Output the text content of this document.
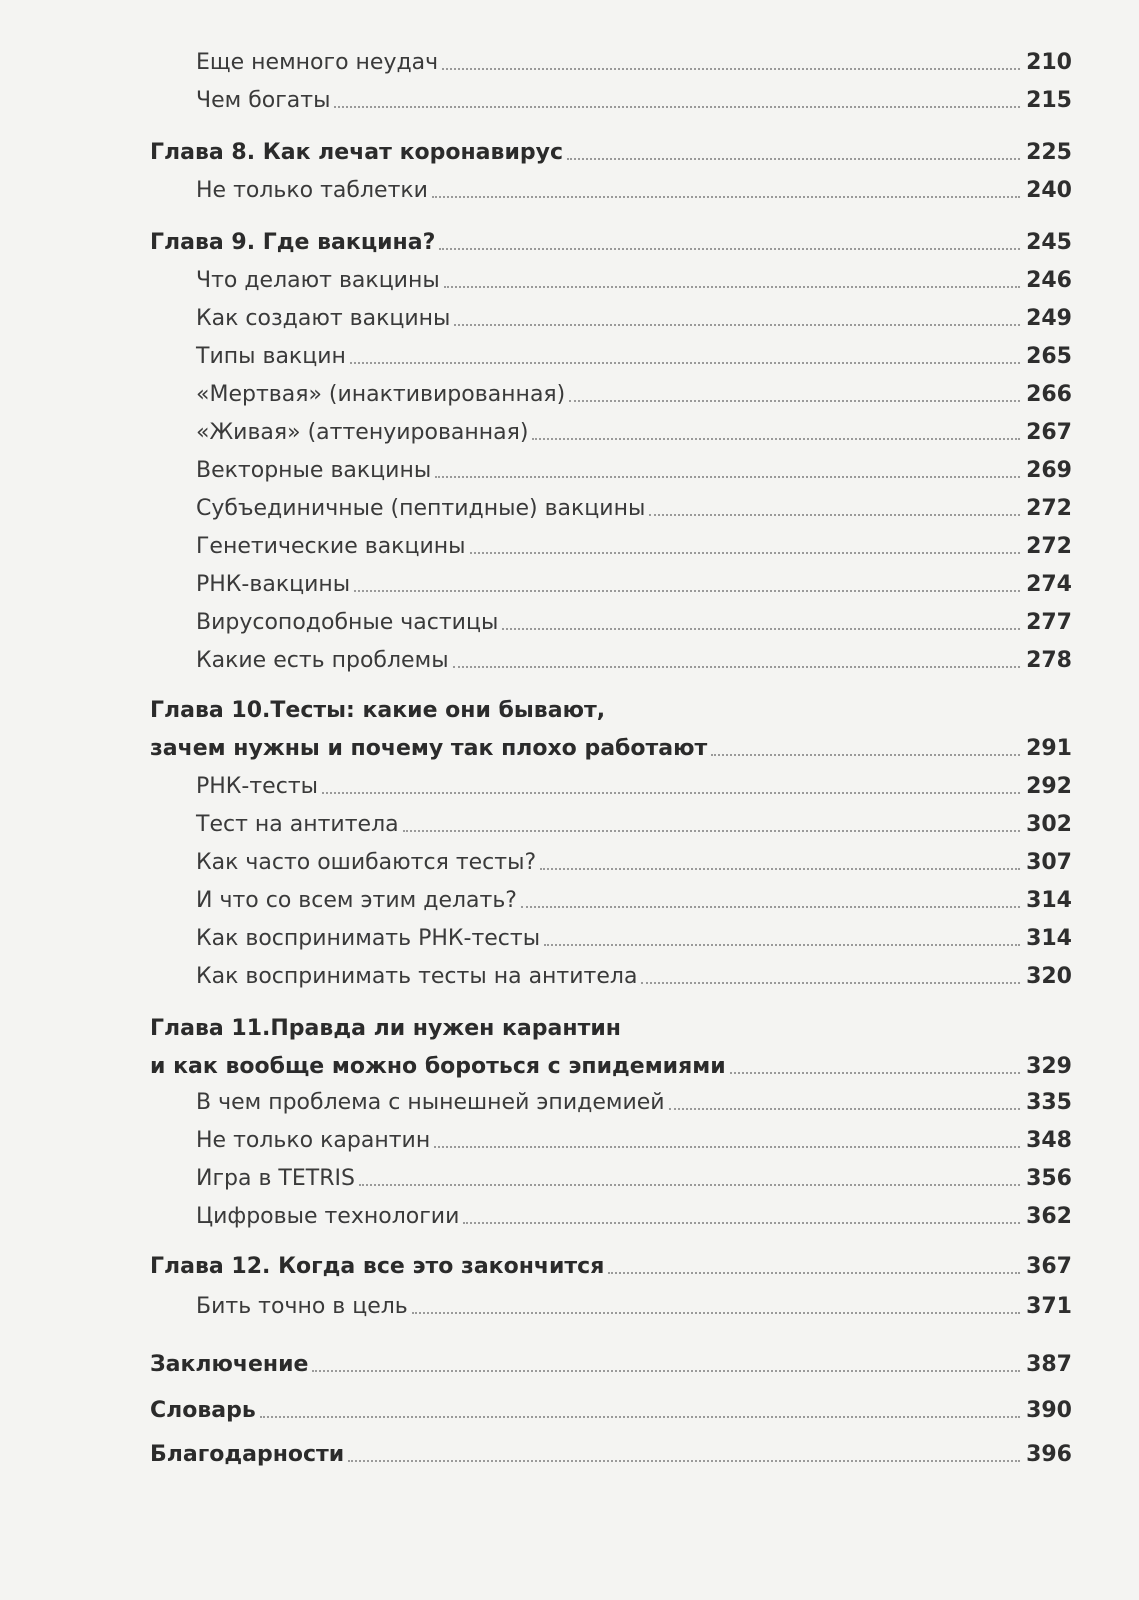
Еще немного неудач	210
Чем богаты	215
Глава 8. Как лечат коронавирус	225
Не только таблетки	240
Глава 9. Где вакцина?	245
Что делают вакцины	246
Как создают вакцины	249
Типы вакцин	265
«Мертвая» (инактивированная)	266
«Живая» (аттенуированная)	267
Векторные вакцины	269
Субъединичные (пептидные) вакцины	272
Генетические вакцины	272
РНК-вакцины	274
Вирусоподобные частицы	277
Какие есть проблемы	278
Глава 10. Тесты: какие они бывают,
зачем нужны и почему так плохо работают	291
РНК-тесты	292
Тест на антитела	302
Как часто ошибаются тесты?	307
И что со всем этим делать?	314
Как воспринимать РНК-тесты	314
Как воспринимать тесты на антитела	320
Глава 11. Правда ли нужен карантин
и как вообще можно бороться с эпидемиями	329
В чем проблема с нынешней эпидемией	335
Не только карантин	348
Игра в TETRIS	356
Цифровые технологии	362
Глава 12. Когда все это закончится	367
Бить точно в цель	371
Заключение	387
Словарь	390
Благодарности	396
